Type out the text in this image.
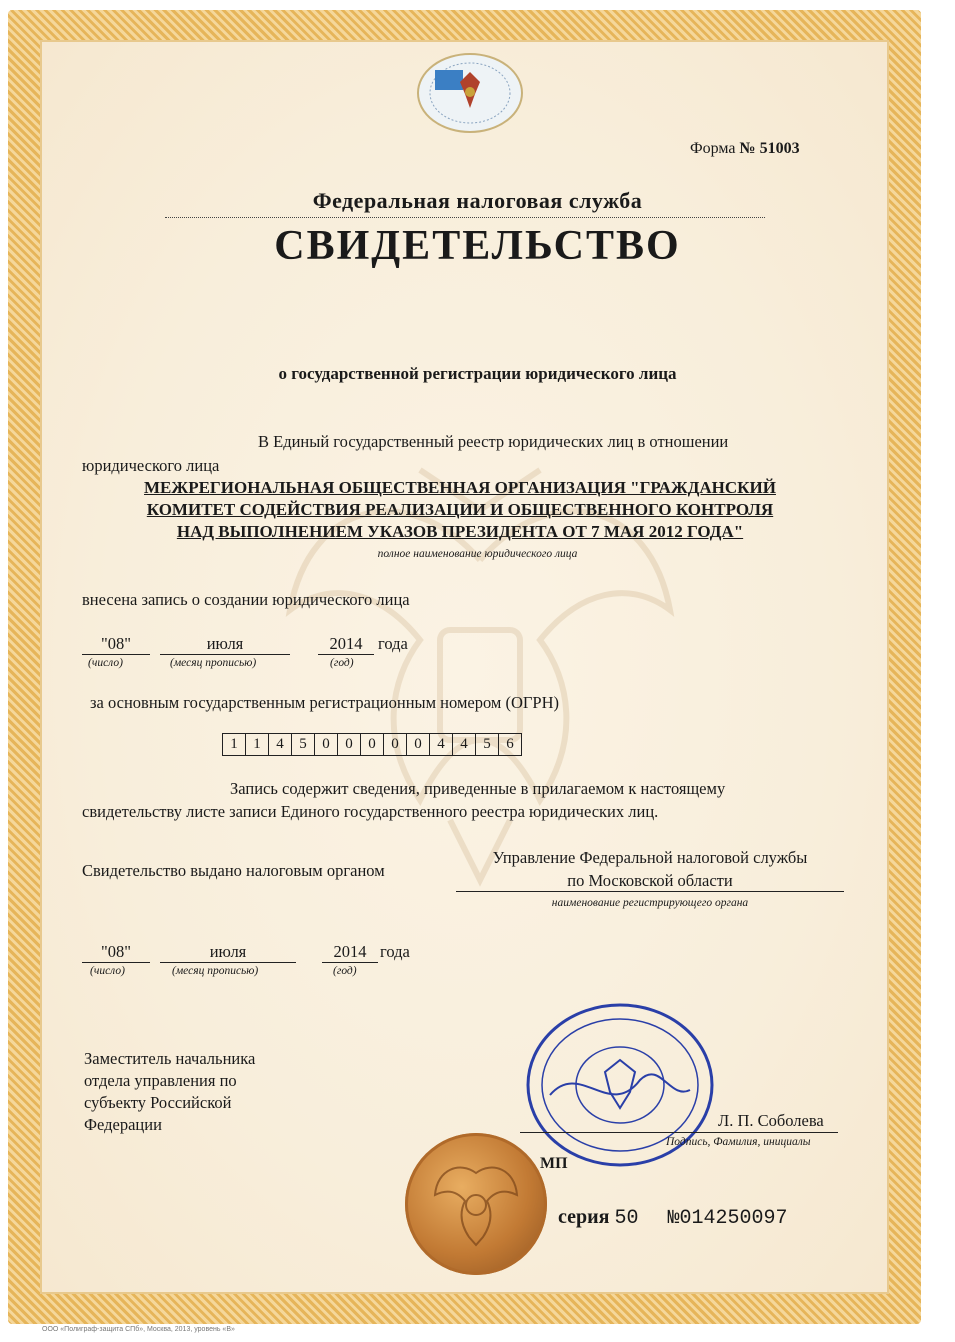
Форма № 51003
Федеральная налоговая служба
СВИДЕТЕЛЬСТВО
о государственной регистрации юридического лица
В Единый государственный реестр юридических лиц в отношении
юридического лица
МЕЖРЕГИОНАЛЬНАЯ ОБЩЕСТВЕННАЯ ОРГАНИЗАЦИЯ "ГРАЖДАНСКИЙ
КОМИТЕТ СОДЕЙСТВИЯ РЕАЛИЗАЦИИ И ОБЩЕСТВЕННОГО КОНТРОЛЯ
НАД ВЫПОЛНЕНИЕМ УКАЗОВ ПРЕЗИДЕНТА ОТ 7 МАЯ 2012 ГОДА"
полное наименование юридического лица
внесена запись о создании юридического лица
"08"	июля	2014 года
(число)	(месяц прописью)	(год)
за основным государственным регистрационным номером (ОГРН)
1	1	4	5	0	0	0	0	0	4	4	5	6
Запись содержит сведения, приведенные в прилагаемом к настоящему
свидетельству листе записи Единого государственного реестра юридических лиц.
Свидетельство выдано налоговым органом
Управление Федеральной налоговой службы
по Московской области
наименование регистрирующего органа
"08"	июля	2014 года
(число)	(месяц прописью)	(год)
Заместитель начальника
отдела управления по
субъекту Российской
Федерации	Л. П. Соболева
Подпись, Фамилия, инициалы
МП
серия 50 №014250097
ООО «Полиграф-защита СПб», Москва, 2013, уровень «В»
